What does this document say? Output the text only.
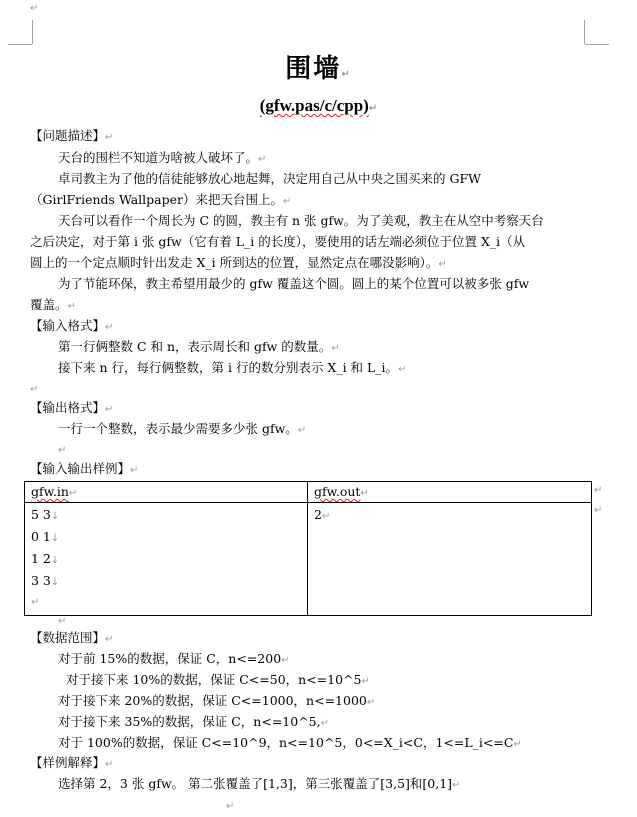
↵
围墙↵
(gfw.pas/c/cpp)↵
【问题描述】↵
天台的围栏不知道为啥被人破坏了。↵
卓司教主为了他的信徒能够放心地起舞，决定用自己从中央之国买来的 GFW
（GirlFriends Wallpaper）来把天台围上。↵
天台可以看作一个周长为 C 的圆，教主有 n 张 gfw。为了美观，教主在从空中考察天台
之后决定，对于第 i 张 gfw（它有着 L_i 的长度），要使用的话左端必须位于位置 X_i（从
圆上的一个定点顺时针出发走 X_i 所到达的位置，显然定点在哪没影响）。↵
为了节能环保，教主希望用最少的 gfw 覆盖这个圆。圆上的某个位置可以被多张 gfw
覆盖。↵
【输入格式】↵
第一行俩整数 C 和 n，表示周长和 gfw 的数量。↵
接下来 n 行，每行俩整数，第 i 行的数分别表示 X_i 和 L_i。↵
↵
【输出格式】↵
一行一个整数，表示最少需要多少张 gfw。↵
↵
【输入输出样例】↵
gfw.in↵	gfw.out↵

5 3↓
0 1↓
1 2↓
3 3↓
↵	2↵
↵
↵
↵
【数据范围】↵
对于前 15%的数据，保证 C，n<=200↵
对于接下来 10%的数据，保证 C<=50，n<=10^5↵
对于接下来 20%的数据，保证 C<=1000，n<=1000↵
对于接下来 35%的数据，保证 C，n<=10^5,↵
对于 100%的数据，保证 C<=10^9，n<=10^5，0<=X_i<C，1<=L_i<=C↵
【样例解释】↵
选择第 2，3 张 gfw。 第二张覆盖了[1,3]，第三张覆盖了[3,5]和[0,1]↵
↵
